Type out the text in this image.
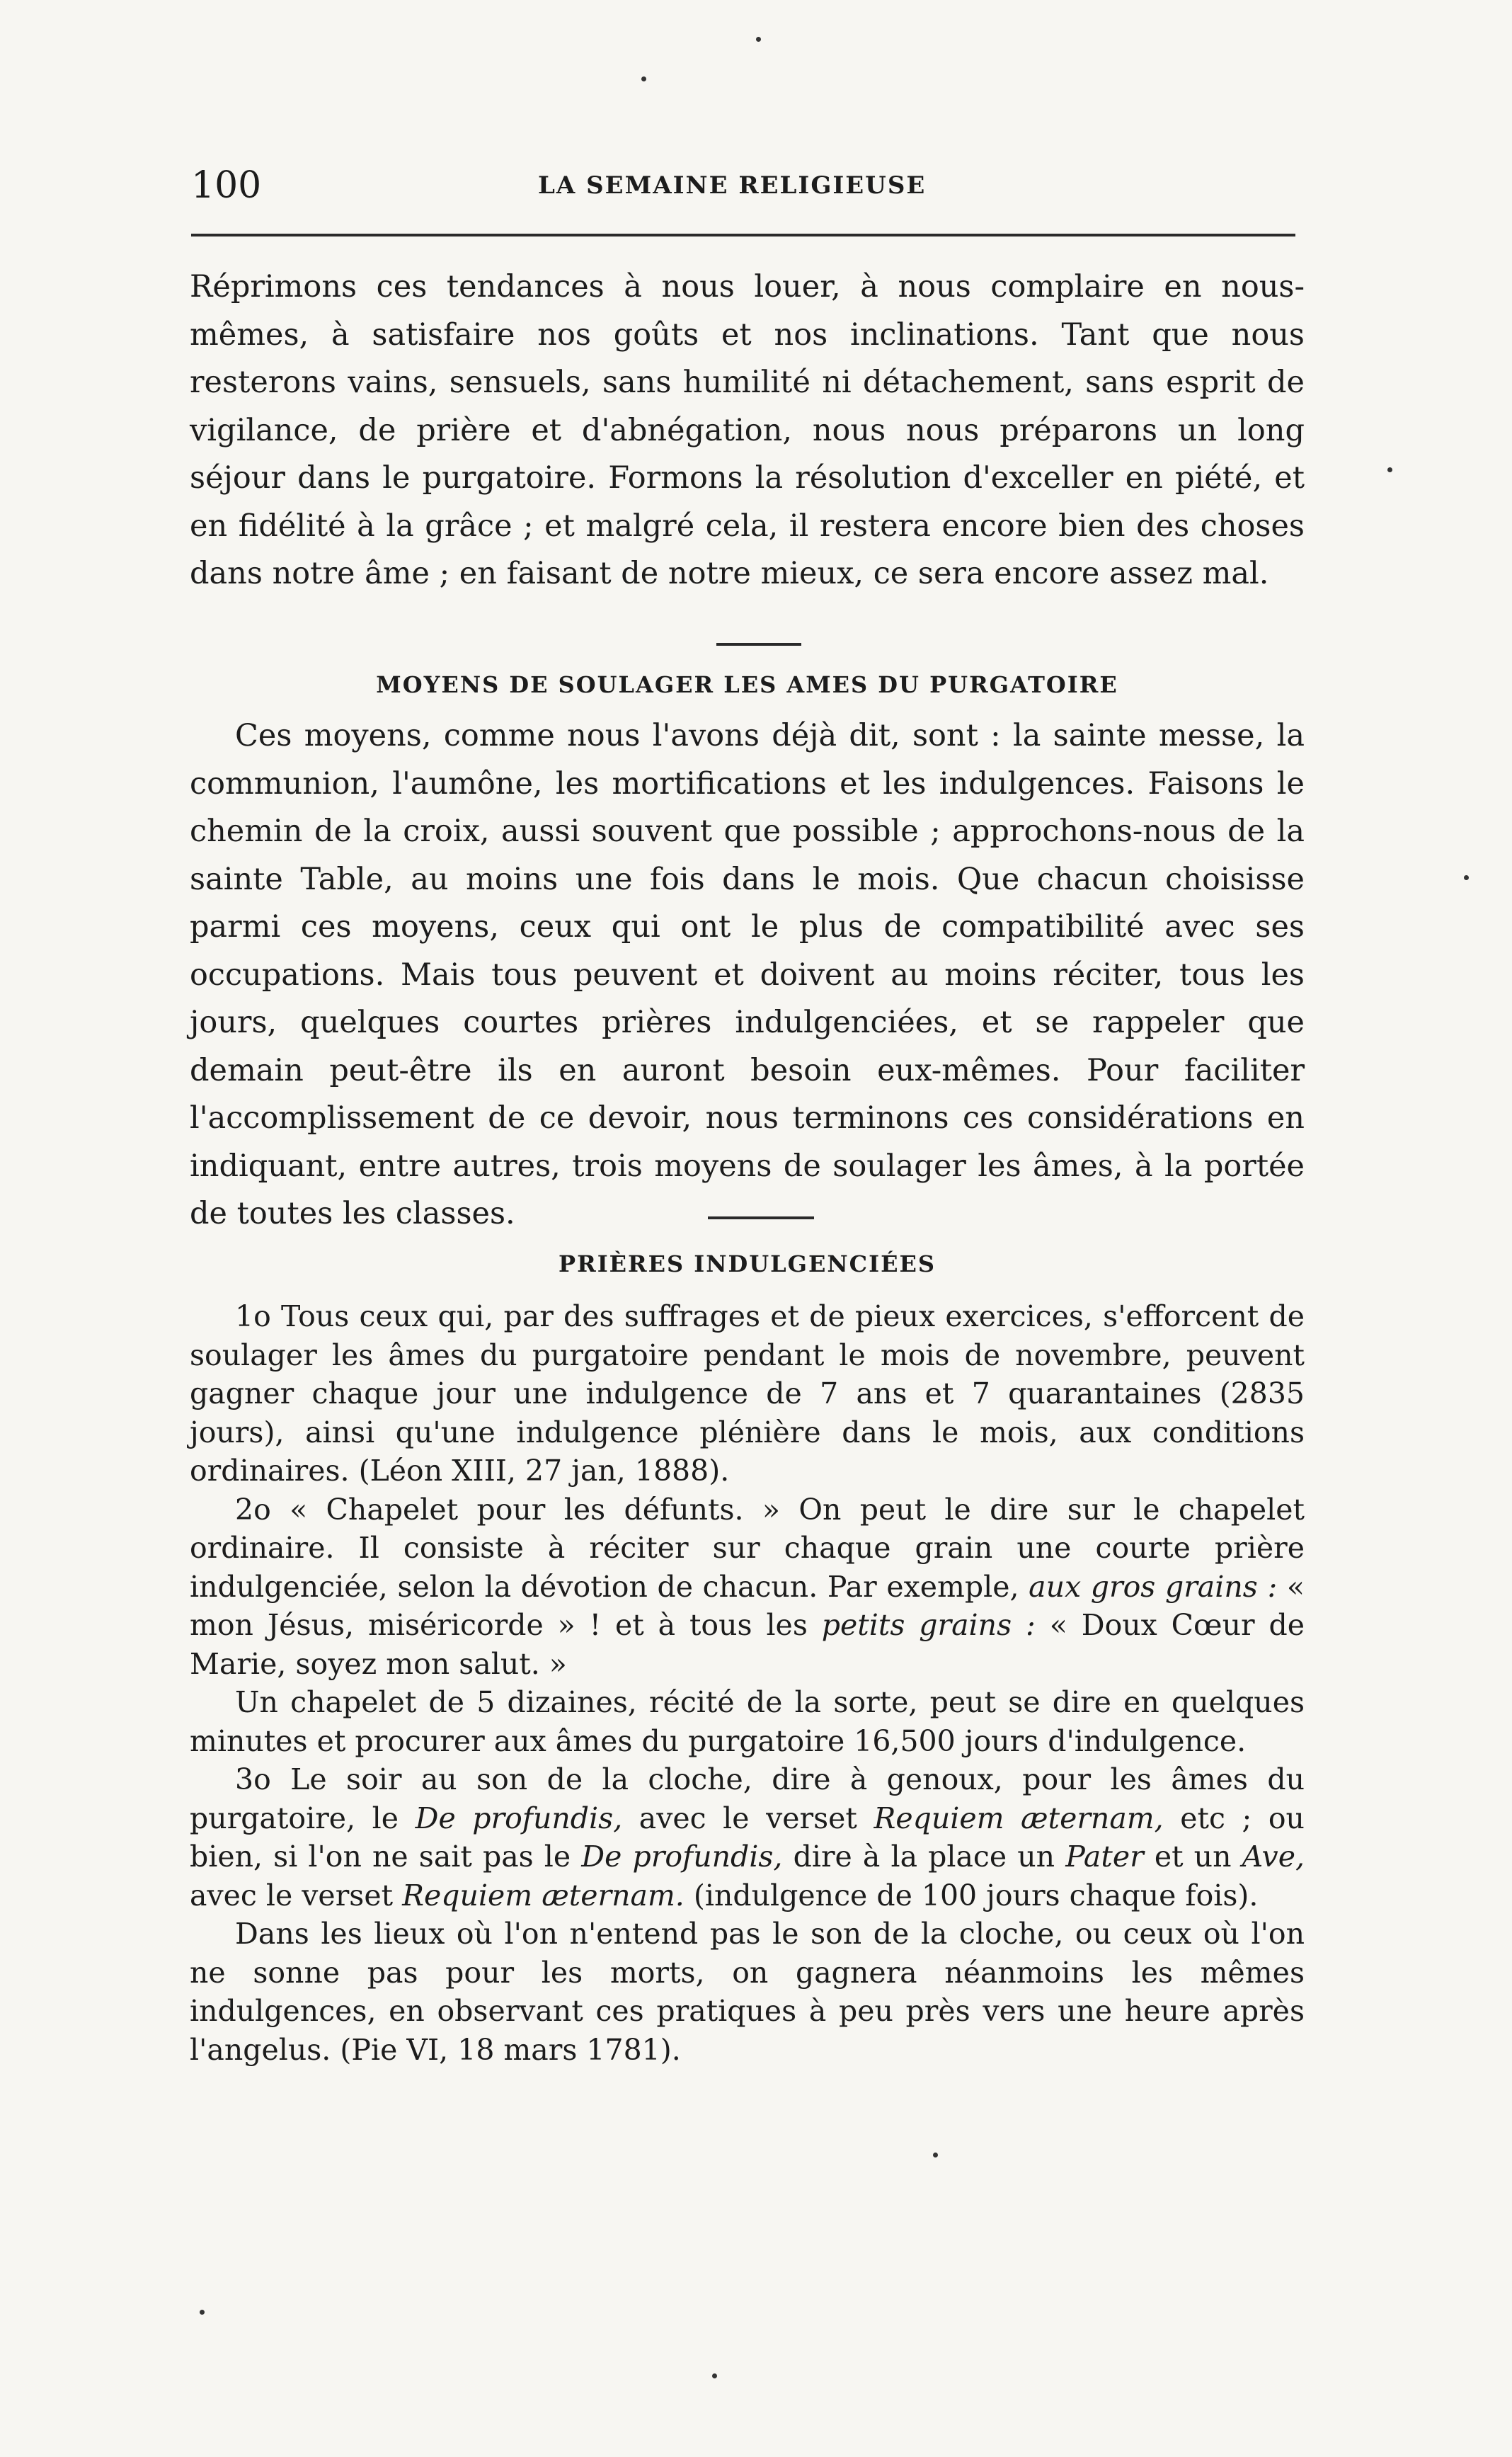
100	LA SEMAINE RELIGIEUSE

Réprimons ces tendances à nous louer, à nous complaire en nous-mêmes, à satisfaire nos goûts et nos inclinations. Tant que nous resterons vains, sensuels, sans humilité ni détachement, sans esprit de vigilance, de prière et d'abnégation, nous nous préparons un long séjour dans le purgatoire. Formons la résolution d'exceller en piété, et en fidélité à la grâce ; et malgré cela, il restera encore bien des choses dans notre âme ; en faisant de notre mieux, ce sera encore assez mal.

MOYENS DE SOULAGER LES AMES DU PURGATOIRE

Ces moyens, comme nous l'avons déjà dit, sont : la sainte messe, la communion, l'aumône, les mortifications et les indulgences. Faisons le chemin de la croix, aussi souvent que possible ; approchons-nous de la sainte Table, au moins une fois dans le mois. Que chacun choisisse parmi ces moyens, ceux qui ont le plus de compatibilité avec ses occupations. Mais tous peuvent et doivent au moins réciter, tous les jours, quelques courtes prières indulgenciées, et se rappeler que demain peut-être ils en auront besoin eux-mêmes. Pour faciliter l'accomplissement de ce devoir, nous terminons ces considérations en indiquant, entre autres, trois moyens de soulager les âmes, à la portée de toutes les classes.

PRIÈRES INDULGENCIÉES

1o Tous ceux qui, par des suffrages et de pieux exercices, s'efforcent de soulager les âmes du purgatoire pendant le mois de novembre, peuvent gagner chaque jour une indulgence de 7 ans et 7 quarantaines (2835 jours), ainsi qu'une indulgence plénière dans le mois, aux conditions ordinaires. (Léon XIII, 27 jan, 1888).

2o « Chapelet pour les défunts. » On peut le dire sur le chapelet ordinaire. Il consiste à réciter sur chaque grain une courte prière indulgenciée, selon la dévotion de chacun. Par exemple, aux gros grains : « mon Jésus, miséricorde » ! et à tous les petits grains : « Doux Cœur de Marie, soyez mon salut. »

Un chapelet de 5 dizaines, récité de la sorte, peut se dire en quelques minutes et procurer aux âmes du purgatoire 16,500 jours d'indulgence.

3o Le soir au son de la cloche, dire à genoux, pour les âmes du purgatoire, le De profundis, avec le verset Requiem æternam, etc ; ou bien, si l'on ne sait pas le De profundis, dire à la place un Pater et un Ave, avec le verset Requiem æternam. (indulgence de 100 jours chaque fois).

Dans les lieux où l'on n'entend pas le son de la cloche, ou ceux où l'on ne sonne pas pour les morts, on gagnera néanmoins les mêmes indulgences, en observant ces pratiques à peu près vers une heure après l'angelus. (Pie VI, 18 mars 1781).
